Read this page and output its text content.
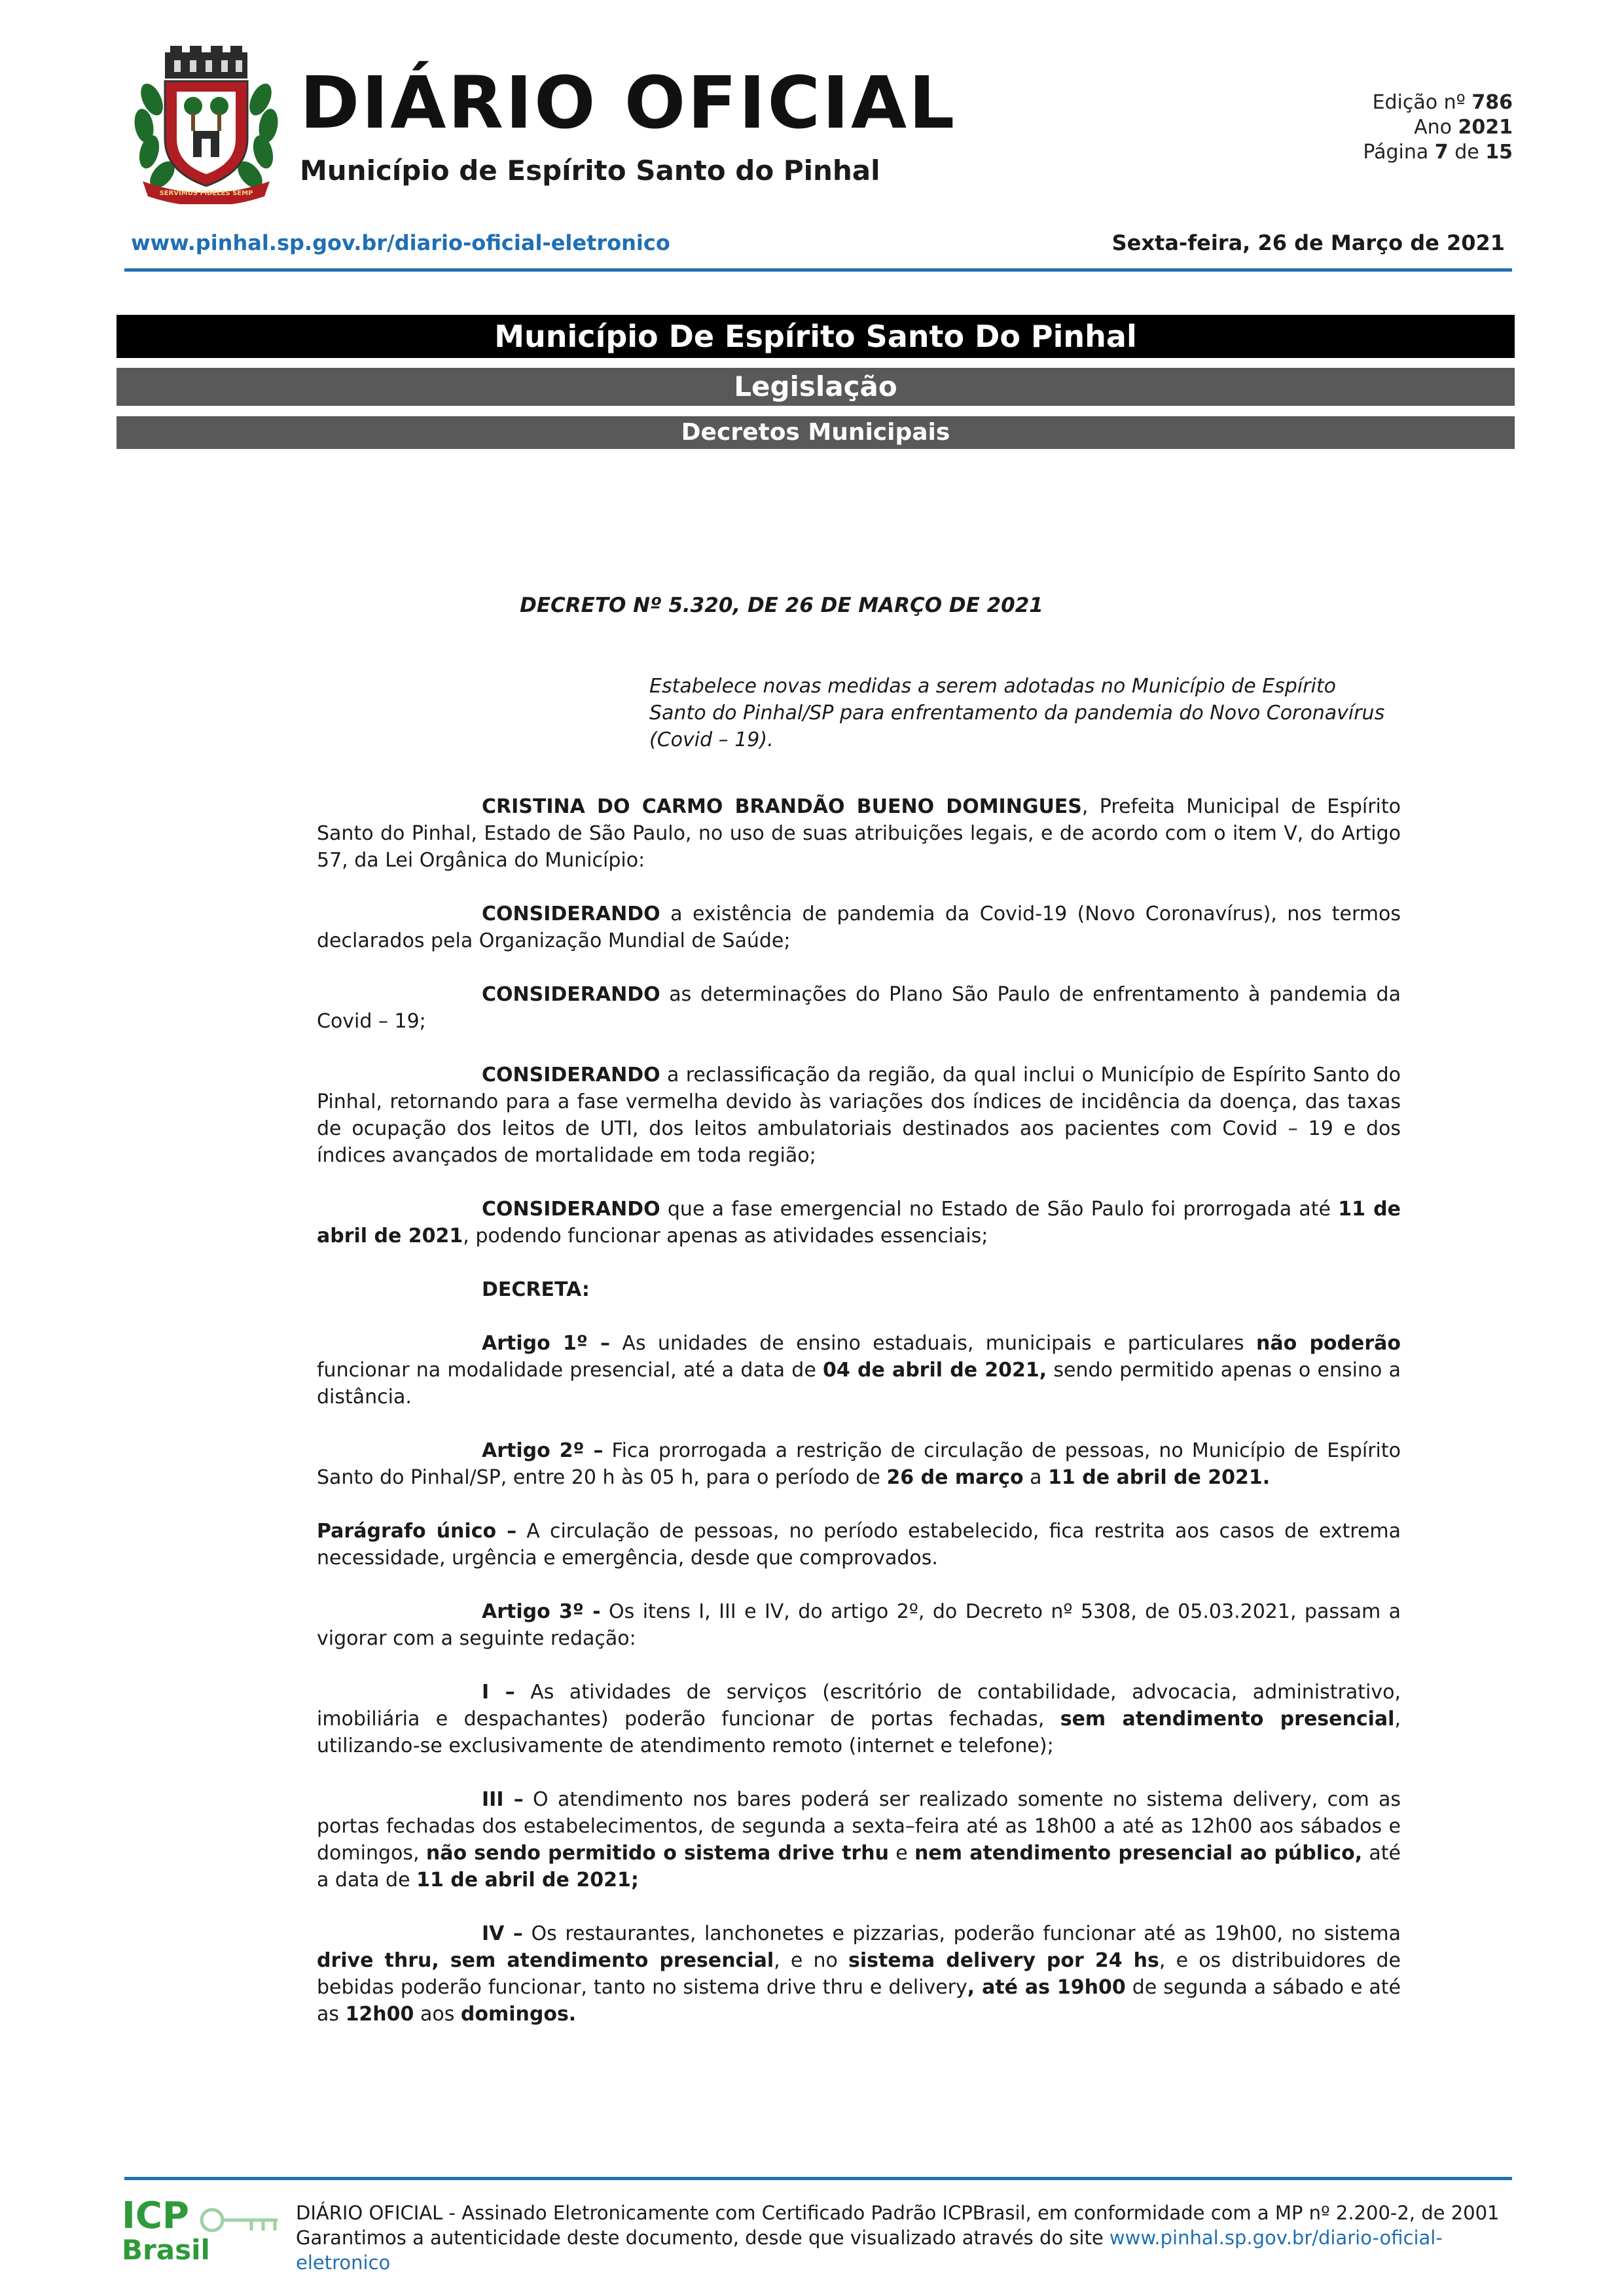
SERVIMUS FIDELES SEMP
DIÁRIO OFICIAL
Município de Espírito Santo do Pinhal
Edição nº 786
Ano 2021
Página 7 de 15
www.pinhal.sp.gov.br/diario-oficial-eletronico	Sexta-feira, 26 de Março de 2021
Município De Espírito Santo Do Pinhal
Legislação
Decretos Municipais
DECRETO Nº 5.320, DE 26 DE MARÇO DE 2021
Estabelece novas medidas a serem adotadas no Município de Espírito Santo do Pinhal/SP para enfrentamento da pandemia do Novo Coronavírus (Covid – 19).
CRISTINA DO CARMO BRANDÃO BUENO DOMINGUES, Prefeita Municipal de Espírito Santo do Pinhal, Estado de São Paulo, no uso de suas atribuições legais, e de acordo com o item V, do Artigo 57, da Lei Orgânica do Município:
CONSIDERANDO a existência de pandemia da Covid-19 (Novo Coronavírus), nos termos declarados pela Organização Mundial de Saúde;
CONSIDERANDO as determinações do Plano São Paulo de enfrentamento à pandemia da Covid – 19;
CONSIDERANDO a reclassificação da região, da qual inclui o Município de Espírito Santo do Pinhal, retornando para a fase vermelha devido às variações dos índices de incidência da doença, das taxas de ocupação dos leitos de UTI, dos leitos ambulatoriais destinados aos pacientes com Covid – 19 e dos índices avançados de mortalidade em toda região;
CONSIDERANDO que a fase emergencial no Estado de São Paulo foi prorrogada até 11 de abril de 2021, podendo funcionar apenas as atividades essenciais;
DECRETA:
Artigo 1º – As unidades de ensino estaduais, municipais e particulares não poderão funcionar na modalidade presencial, até a data de 04 de abril de 2021, sendo permitido apenas o ensino a distância.
Artigo 2º – Fica prorrogada a restrição de circulação de pessoas, no Município de Espírito Santo do Pinhal/SP, entre 20 h às 05 h, para o período de 26 de março a 11 de abril de 2021.
Parágrafo único – A circulação de pessoas, no período estabelecido, fica restrita aos casos de extrema necessidade, urgência e emergência, desde que comprovados.
Artigo 3º - Os itens I, III e IV, do artigo 2º, do Decreto nº 5308, de 05.03.2021, passam a vigorar com a seguinte redação:
I – As atividades de serviços (escritório de contabilidade, advocacia, administrativo, imobiliária e despachantes) poderão funcionar de portas fechadas, sem atendimento presencial, utilizando-se exclusivamente de atendimento remoto (internet e telefone);
III – O atendimento nos bares poderá ser realizado somente no sistema delivery, com as portas fechadas dos estabelecimentos, de segunda a sexta–feira até as 18h00 a até as 12h00 aos sábados e domingos, não sendo permitido o sistema drive trhu e nem atendimento presencial ao público, até a data de 11 de abril de 2021;
IV – Os restaurantes, lanchonetes e pizzarias, poderão funcionar até as 19h00, no sistema drive thru, sem atendimento presencial, e no sistema delivery por 24 hs, e os distribuidores de bebidas poderão funcionar, tanto no sistema drive thru e delivery, até as 19h00 de segunda a sábado e até as 12h00 aos domingos.
ICP
Brasil
DIÁRIO OFICIAL - Assinado Eletronicamente com Certificado Padrão ICPBrasil, em conformidade com a MP nº 2.200-2, de 2001
Garantimos a autenticidade deste documento, desde que visualizado através do site www.pinhal.sp.gov.br/diario-oficial-eletronico
